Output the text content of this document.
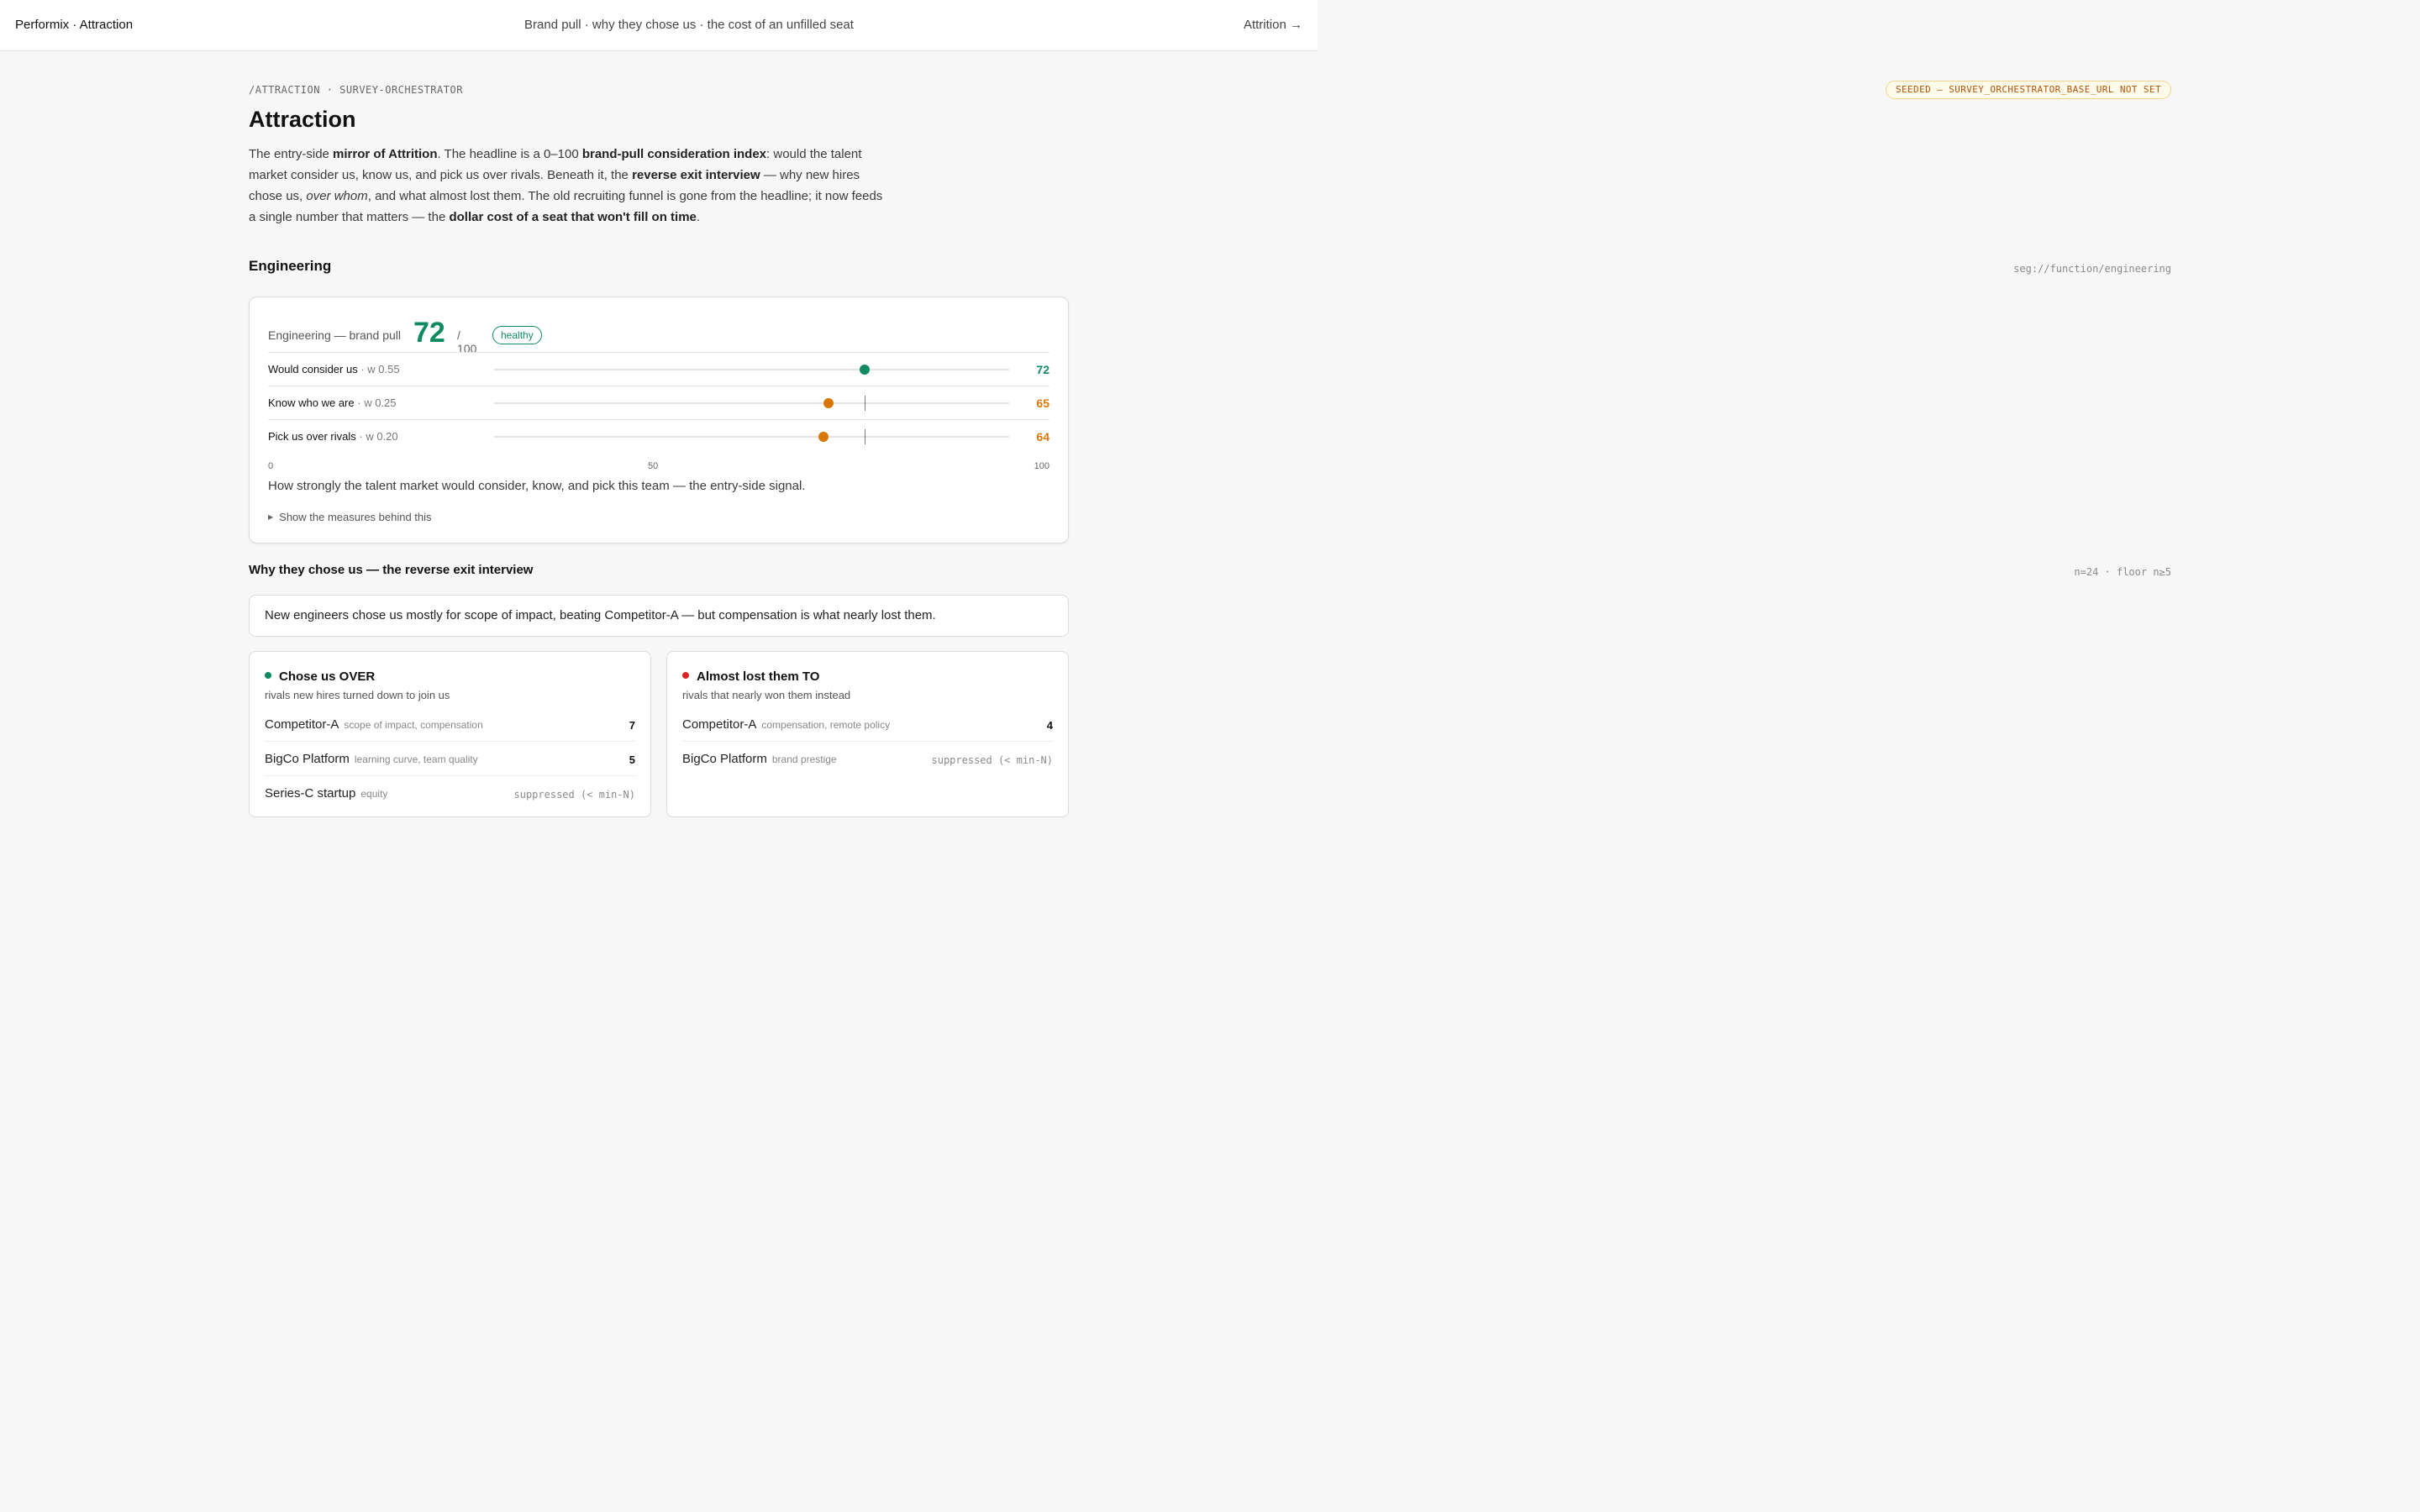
Performix · Attraction	Brand pull · why they chose us · the cost of an unfilled seat	Attrition →
/ATTRACTION · SURVEY-ORCHESTRATOR	SEEDED — SURVEY_ORCHESTRATOR_BASE_URL NOT SET
Attraction

The entry-side mirror of Attrition. The headline is a 0–100 brand-pull consideration index: would the talent market consider us, know us, and pick us over rivals. Beneath it, the reverse exit interview — why new hires chose us, over whom, and what almost lost them. The old recruiting funnel is gone from the headline; it now feeds a single number that matters — the dollar cost of a seat that won't fill on time.

Engineering	seg://function/engineering
Engineering — brand pull 72 / 100
healthy
Would consider us · w 0.55	72
Know who we are · w 0.25	65
Pick us over rivals · w 0.20	64
0	50	100
How strongly the talent market would consider, know, and pick this team — the entry-side signal.
▶ Show the measures behind this
Why they chose us — the reverse exit interview	n=24 · floor n≥5
New engineers chose us mostly for scope of impact, beating Competitor-A — but compensation is what nearly lost them.
Chose us OVER
rivals new hires turned down to join us
Competitor-A scope of impact, compensation	7
BigCo Platform learning curve, team quality	5
Series-C startup equity	suppressed (< min-N)
Almost lost them TO
rivals that nearly won them instead
Competitor-A compensation, remote policy	4
BigCo Platform brand prestige	suppressed (< min-N)
